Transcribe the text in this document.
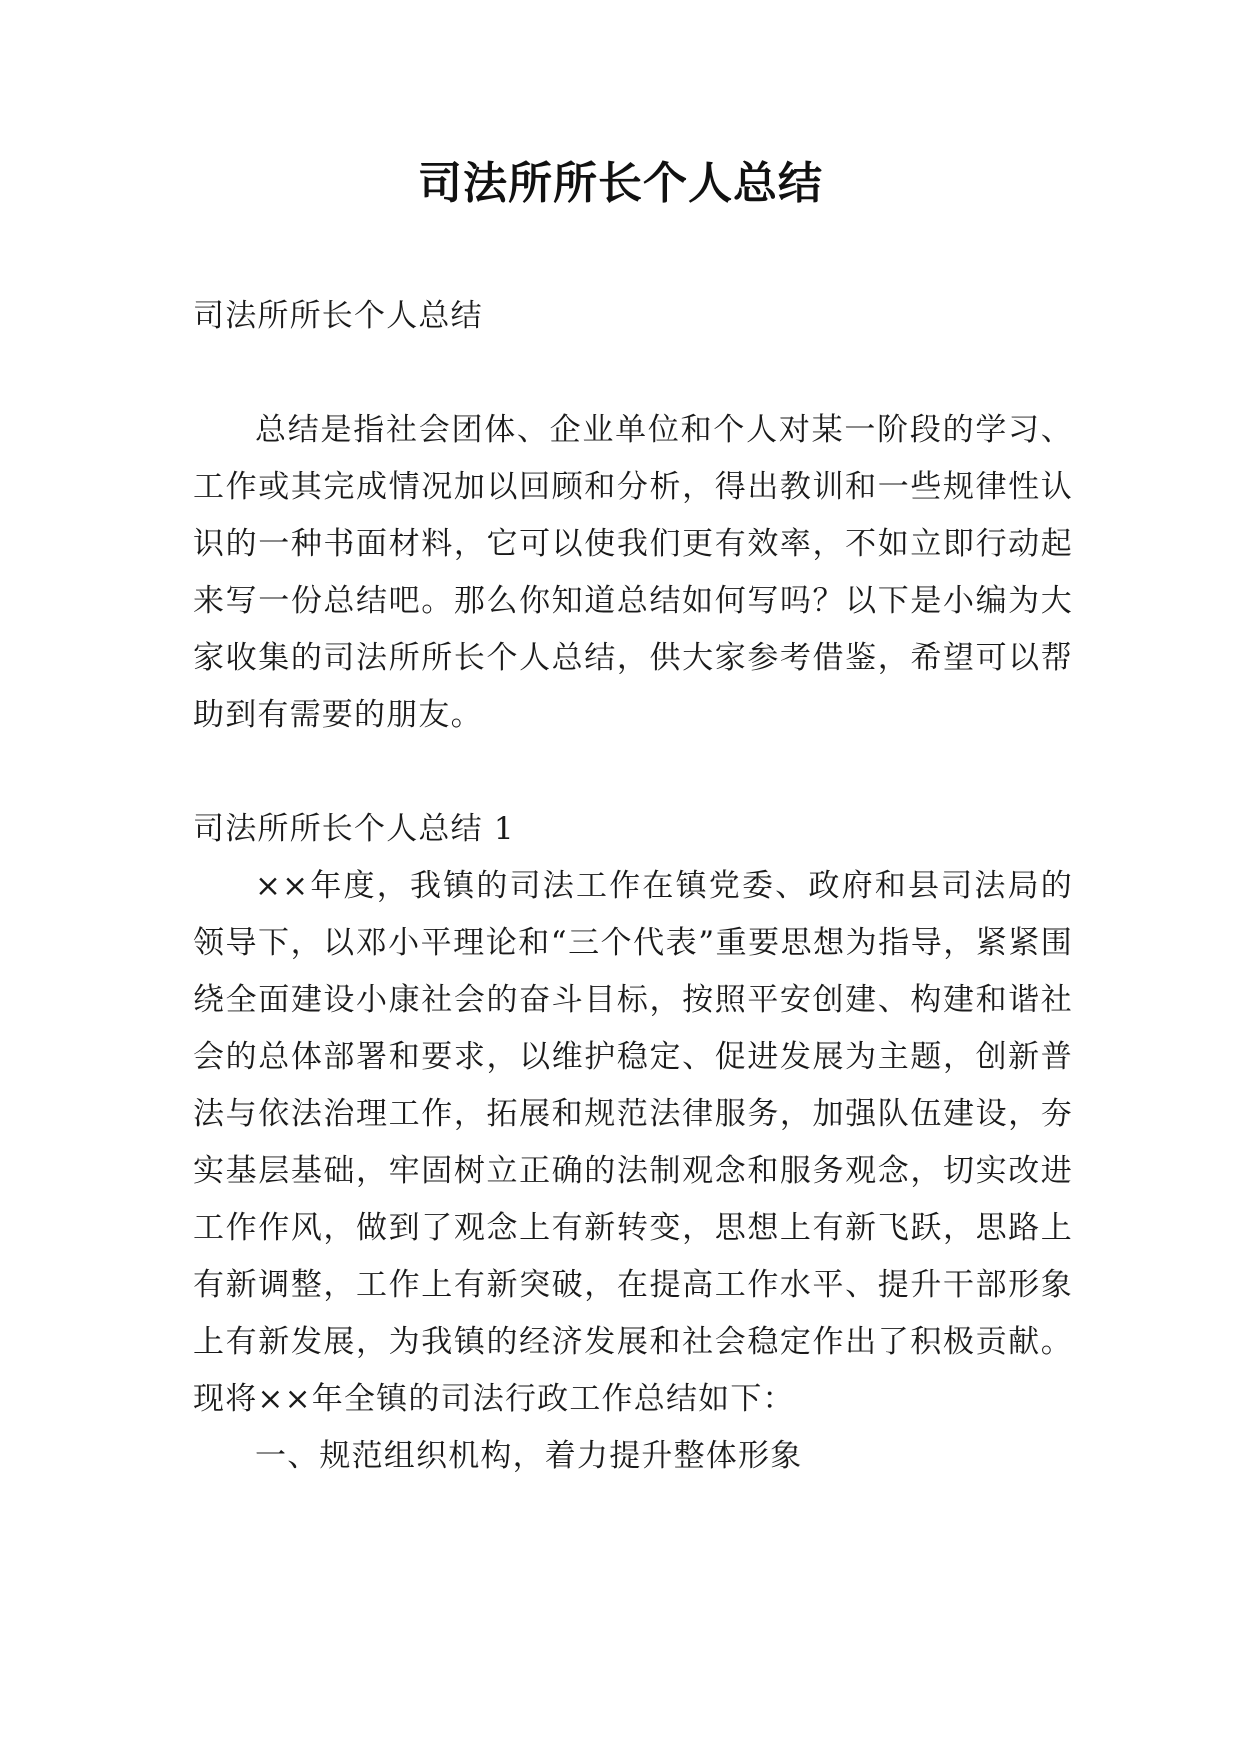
司法所所长个人总结

司法所所长个人总结

总结是指社会团体、企业单位和个人对某一阶段的学习、工作或其完成情况加以回顾和分析，得出教训和一些规律性认识的一种书面材料，它可以使我们更有效率，不如立即行动起来写一份总结吧。那么你知道总结如何写吗？以下是小编为大家收集的司法所所长个人总结，供大家参考借鉴，希望可以帮助到有需要的朋友。

司法所所长个人总结 1

××年度，我镇的司法工作在镇党委、政府和县司法局的领导下，以邓小平理论和“三个代表”重要思想为指导，紧紧围绕全面建设小康社会的奋斗目标，按照平安创建、构建和谐社会的总体部署和要求，以维护稳定、促进发展为主题，创新普法与依法治理工作，拓展和规范法律服务，加强队伍建设，夯实基层基础，牢固树立正确的法制观念和服务观念，切实改进工作作风，做到了观念上有新转变，思想上有新飞跃，思路上有新调整，工作上有新突破，在提高工作水平、提升干部形象上有新发展，为我镇的经济发展和社会稳定作出了积极贡献。现将××年全镇的司法行政工作总结如下：

一、规范组织机构，着力提升整体形象
